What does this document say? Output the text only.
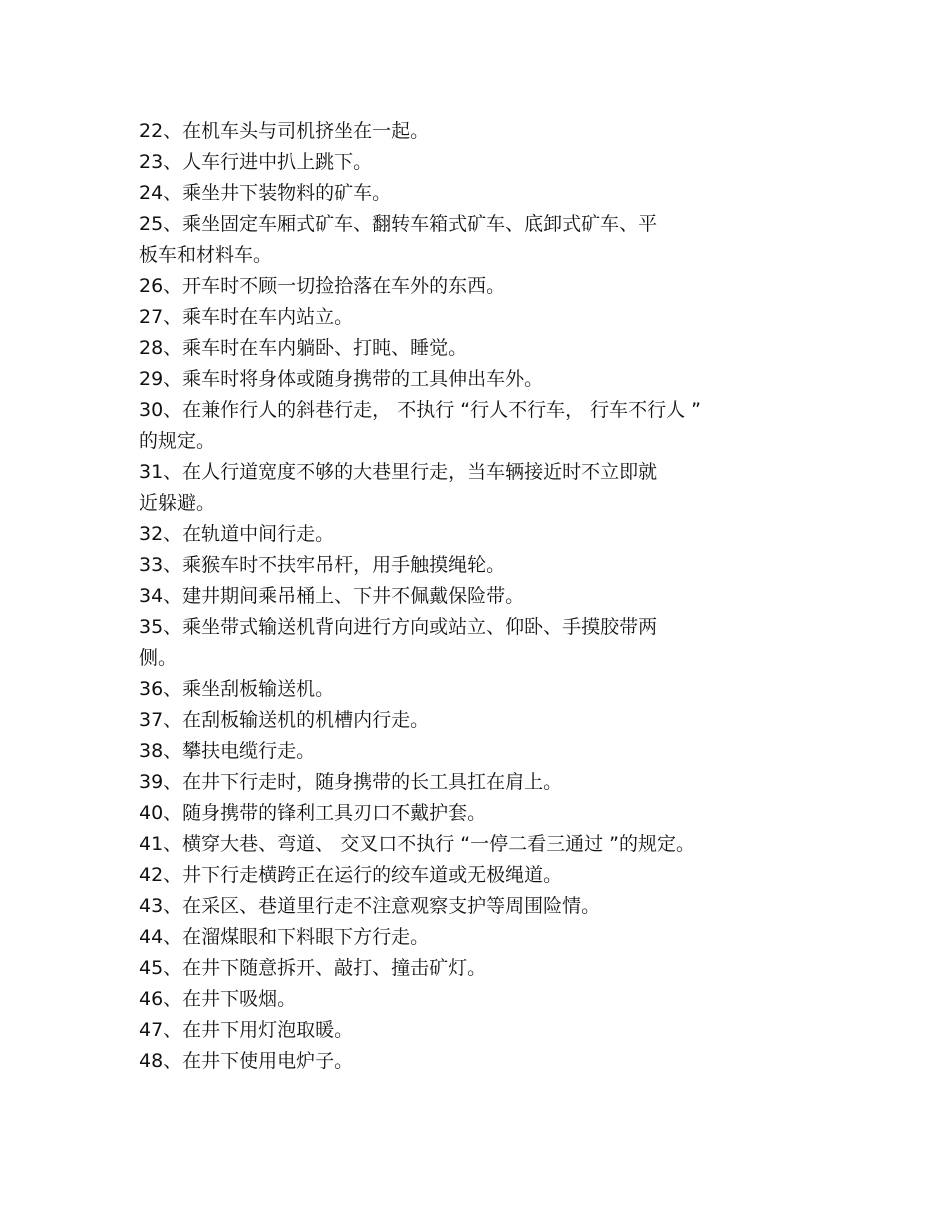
22、在机车头与司机挤坐在一起。
23、人车行进中扒上跳下。
24、乘坐井下装物料的矿车。
25、乘坐固定车厢式矿车、翻转车箱式矿车、底卸式矿车、平
板车和材料车。
26、开车时不顾一切捡拾落在车外的东西。
27、乘车时在车内站立。
28、乘车时在车内躺卧、打盹、睡觉。
29、乘车时将身体或随身携带的工具伸出车外。
30、在兼作行人的斜巷行走， 不执行 “行人不行车， 行车不行人 ”
的规定。
31、在人行道宽度不够的大巷里行走，当车辆接近时不立即就
近躲避。
32、在轨道中间行走。
33、乘猴车时不扶牢吊杆，用手触摸绳轮。
34、建井期间乘吊桶上、下井不佩戴保险带。
35、乘坐带式输送机背向进行方向或站立、仰卧、手摸胶带两
侧。
36、乘坐刮板输送机。
37、在刮板输送机的机槽内行走。
38、攀扶电缆行走。
39、在井下行走时，随身携带的长工具扛在肩上。
40、随身携带的锋利工具刃口不戴护套。
41、横穿大巷、弯道、 交叉口不执行 “一停二看三通过 ”的规定。
42、井下行走横跨正在运行的绞车道或无极绳道。
43、在采区、巷道里行走不注意观察支护等周围险情。
44、在溜煤眼和下料眼下方行走。
45、在井下随意拆开、敲打、撞击矿灯。
46、在井下吸烟。
47、在井下用灯泡取暖。
48、在井下使用电炉子。
